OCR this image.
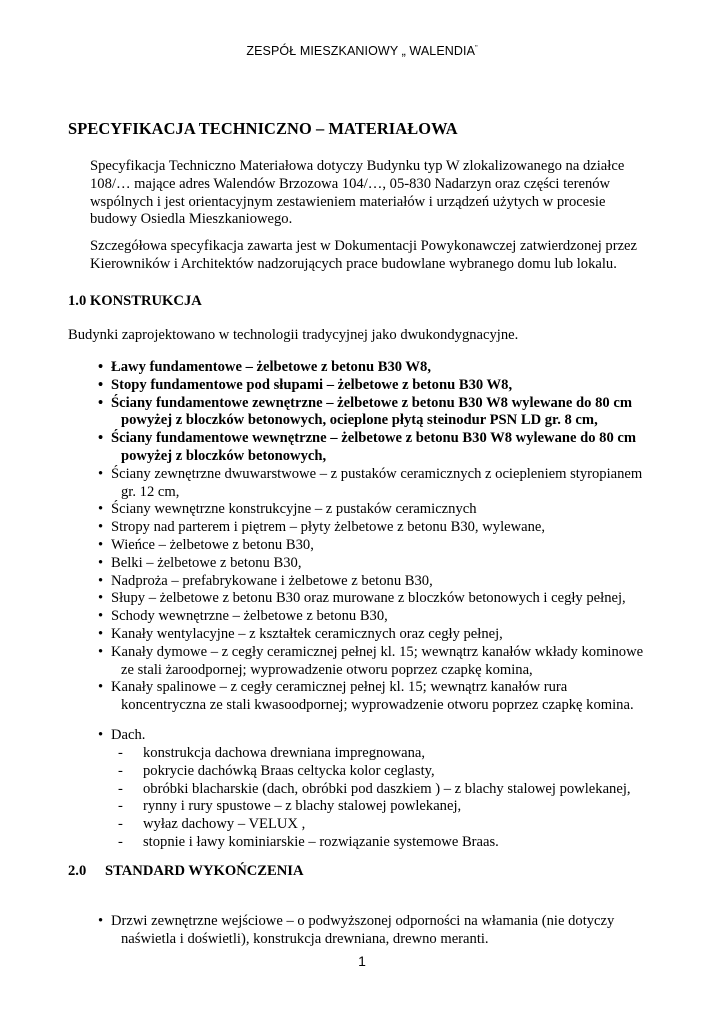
ZESPÓŁ MIESZKANIOWY „ WALENDIA"
SPECYFIKACJA TECHNICZNO – MATERIAŁOWA
Specyfikacja Techniczno Materiałowa dotyczy Budynku typ W zlokalizowanego na działce
108/… mające adres Walendów Brzozowa 104/…, 05-830 Nadarzyn oraz części terenów
wspólnych i jest orientacyjnym zestawieniem materiałów i urządzeń użytych w procesie
budowy Osiedla Mieszkaniowego.
Szczegółowa specyfikacja zawarta jest w Dokumentacji Powykonawczej zatwierdzonej przez
Kierowników i Architektów nadzorujących prace budowlane wybranego domu lub lokalu.
1.0 KONSTRUKCJA
Budynki zaprojektowano w technologii tradycyjnej jako dwukondygnacyjne.
• Ławy fundamentowe – żelbetowe z betonu B30 W8,
• Stopy fundamentowe pod słupami – żelbetowe z betonu B30 W8,
• Ściany fundamentowe zewnętrzne – żelbetowe z betonu B30 W8 wylewane do 80 cm
powyżej z bloczków betonowych, ocieplone płytą steinodur PSN LD gr. 8 cm,
• Ściany fundamentowe wewnętrzne – żelbetowe z betonu B30 W8 wylewane do 80 cm
powyżej z bloczków betonowych,
• Ściany zewnętrzne dwuwarstwowe – z pustaków ceramicznych z ociepleniem styropianem
gr. 12 cm,
• Ściany wewnętrzne konstrukcyjne – z pustaków ceramicznych
• Stropy nad parterem i piętrem – płyty żelbetowe z betonu B30, wylewane,
• Wieńce – żelbetowe z betonu B30,
• Belki – żelbetowe z betonu B30,
• Nadproża – prefabrykowane i żelbetowe z betonu B30,
• Słupy – żelbetowe z betonu B30 oraz murowane z bloczków betonowych i cegły pełnej,
• Schody wewnętrzne – żelbetowe z betonu B30,
• Kanały wentylacyjne – z kształtek ceramicznych oraz cegły pełnej,
• Kanały dymowe – z cegły ceramicznej pełnej kl. 15; wewnątrz kanałów wkłady kominowe
ze stali żaroodpornej; wyprowadzenie otworu poprzez czapkę komina,
• Kanały spalinowe – z cegły ceramicznej pełnej kl. 15; wewnątrz kanałów rura
koncentryczna ze stali kwasoodpornej; wyprowadzenie otworu poprzez czapkę komina.
• Dach.
- konstrukcja dachowa drewniana impregnowana,
- pokrycie dachówką Braas celtycka kolor ceglasty,
- obróbki blacharskie (dach, obróbki pod daszkiem ) – z blachy stalowej powlekanej,
- rynny i rury spustowe – z blachy stalowej powlekanej,
- wyłaz dachowy – VELUX ,
- stopnie i ławy kominiarskie – rozwiązanie systemowe Braas.
2.0 STANDARD WYKOŃCZENIA
• Drzwi zewnętrzne wejściowe – o podwyższonej odporności na włamania (nie dotyczy
naświetla i doświetli), konstrukcja drewniana, drewno meranti.
1
